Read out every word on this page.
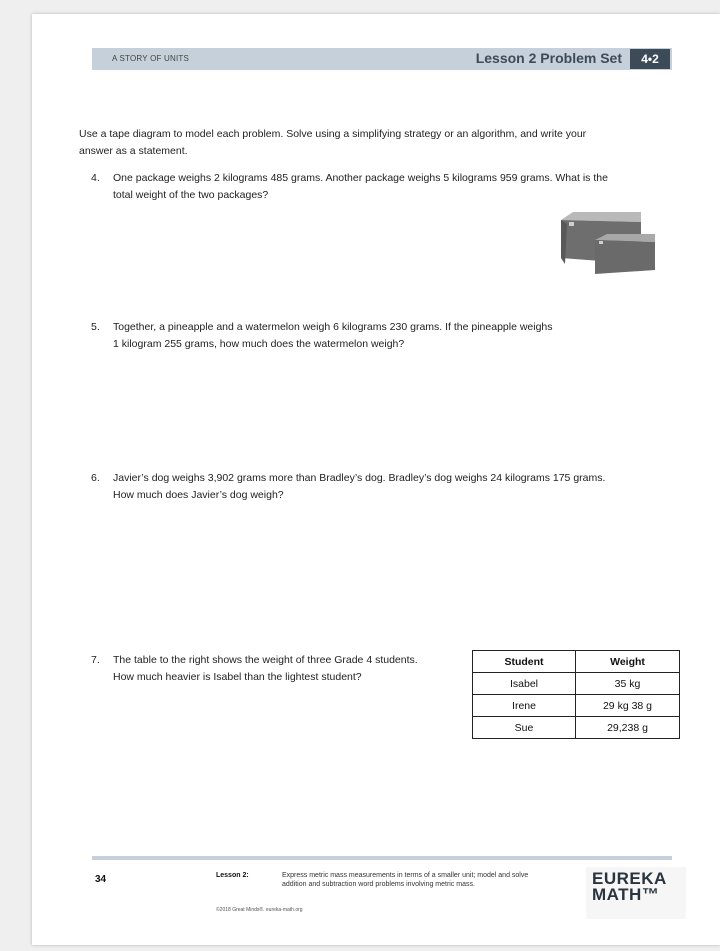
A STORY OF UNITS	Lesson 2 Problem Set	4•2
Use a tape diagram to model each problem. Solve using a simplifying strategy or an algorithm, and write your
answer as a statement.
4. One package weighs 2 kilograms 485 grams. Another package weighs 5 kilograms 959 grams. What is the
total weight of the two packages?
5. Together, a pineapple and a watermelon weigh 6 kilograms 230 grams. If the pineapple weighs
1 kilogram 255 grams, how much does the watermelon weigh?
6. Javier’s dog weighs 3,902 grams more than Bradley’s dog. Bradley’s dog weighs 24 kilograms 175 grams.
How much does Javier’s dog weigh?
7. The table to the right shows the weight of three Grade 4 students.
How much heavier is Isabel than the lightest student?
Student	Weight
Isabel	35 kg
Irene	29 kg 38 g
Sue	29,238 g
34	Lesson 2:	Express metric mass measurements in terms of a smaller unit; model and solve addition and subtraction word problems involving metric mass.
©2018 Great Minds®. eureka-math.org
EUREKA
MATH™
